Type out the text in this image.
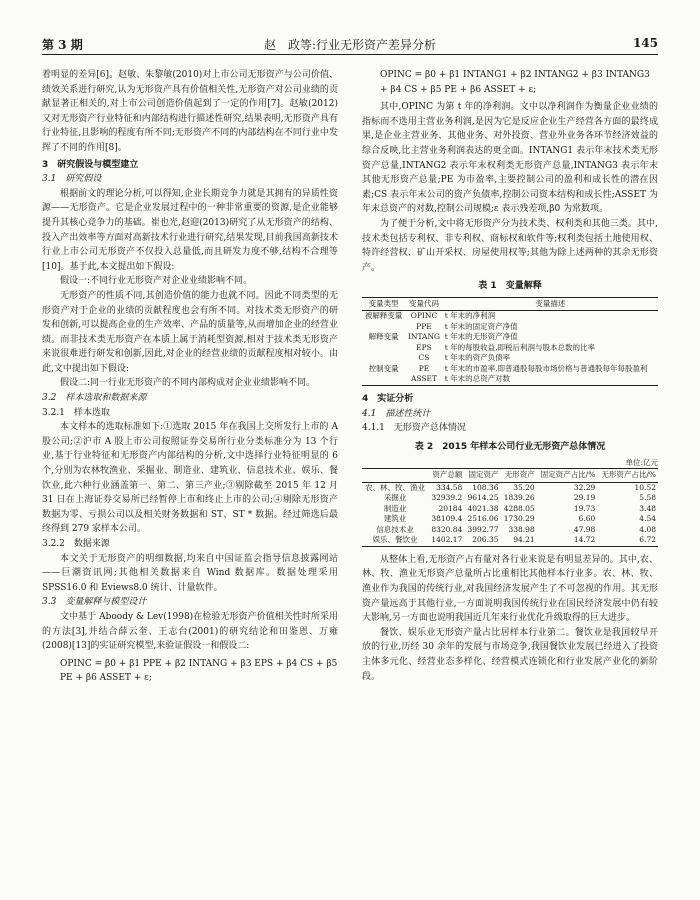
第 3 期	赵　政等:行业无形资产差异分析	145

着明显的差异[6]。赵敏、朱黎敏(2010)对上市公司无形资产与公司价值、绩效关系进行研究,认为无形资产具有价值相关性,无形资产对公司业绩的贡献显著正相关的,对上市公司创造价值起到了一定的作用[7]。赵敏(2012)又对无形资产行业特征和内部结构进行描述性研究,结果表明,无形资产具有行业特征,且影响的程度有所不同;无形资产不同的内部结构在不同行业中发挥了不同的作用[8]。

3　研究假设与模型建立

3.1　研究假设

根据前文的理论分析,可以得知,企业长期竞争力就是其拥有的异质性资源——无形资产。它是企业发展过程中的一种非常重要的资源,是企业能够提升其核心竞争力的基础。崔也光,赵迎(2013)研究了从无形资产的结构、投入产出效率等方面对高新技术行业进行研究,结果发现,目前我国高新技术行业上市公司无形资产不仅投入总量低,而且研发力度不够,结构不合理等[10]。基于此,本文提出如下假设:

假设一:不同行业无形资产对企业业绩影响不同。

无形资产的性质不同,其创造价值的能力也就不同。因此不同类型的无形资产对于企业的业绩的贡献程度也会有所不同。对技术类无形资产的研发和创新,可以提高企业的生产效率、产品的质量等,从而增加企业的经营业绩。而非技术类无形资产在本质上属于消耗型资源,相对于技术类无形资产来说很难进行研发和创新,因此,对企业的经营业绩的贡献程度相对较小。由此,文中提出如下假设:

假设二:同一行业无形资产的不同内部构成对企业业绩影响不同。

3.2　样本选取和数据来源

3.2.1　样本选取

本文样本的选取标准如下:①选取 2015 年在我国上交所发行上市的 A 股公司;②沪市 A 股上市公司按照证券交易所行业分类标准分为 13 个行业,基于行业特征和无形资产内部结构的分析,文中选择行业特征明显的 6 个,分别为农林牧渔业、采掘业、制造业、建筑业、信息技术业、娱乐、餐饮业,此六种行业涵盖第一、第二、第三产业;③剔除截至 2015 年 12 月 31 日在上海证券交易所已经暂停上市和终止上市的公司;④剔除无形资产数据为零、亏损公司以及相关财务数据和 ST、ST * 数据。经过筛选后最终得到 279 家样本公司。

3.2.2　数据来源

本文关于无形资产的明细数据,均来自中国证监会指导信息披露网站——巨潮资讯网;其他相关数据来自 Wind 数据库。数据处理采用 SPSS16.0 和 Eviews8.0 统计、计量软件。

3.3　变量解释与模型设计

文中基于 Aboody & Lev(1998)在检验无形资产价值相关性时所采用的方法[3],并结合薛云奎、王志台(2001)的研究结论和田鉴恩、万雍(2008)[13]的实证研究模型,来验证假设一和假设二:

OPINC = β0 + β1 PPE + β2 INTANG + β3 EPS + β4 CS + β5 PE + β6 ASSET + ε;

OPINC = β0 + β1 INTANG1 + β2 INTANG2 + β3 INTANG3 + β4 CS + β5 PE + β6 ASSET + ε;

其中,OPINC 为第 t 年的净利润。文中以净利润作为衡量企业业绩的指标而不选用主营业务利润,是因为它是反应企业生产经营各方面的最终成果,是企业主营业务、其他业务、对外投资、营业外业务各环节经济效益的综合反映,比主营业务利润表达的更全面。INTANG1 表示年末技术类无形资产总量,INTANG2 表示年末权利类无形资产总量,INTANG3 表示年末其他无形资产总量;PE 为市盈率,主要控制公司的盈利和成长性的潜在因素;CS 表示年末公司的资产负债率,控制公司资本结构和成长性;ASSET 为年末总资产的对数,控制公司规模;ε 表示残差项,β0 为常数项。

为了便于分析,文中将无形资产分为技术类、权利类和其他三类。其中,技术类包括专利权、非专利权、商标权和软件等;权利类包括土地使用权、特许经营权、矿山开采权、房屋使用权等;其他为除上述两种的其余无形资产。

表 1　变量解释
变量类型	变量代码	变量描述
被解释变量	OPINC	t 年末的净利润
	PPE	t 年末的固定资产净值
解释变量	INTANG	t 年末的无形资产净值
	EPS	t 年的每股收益,即税后利润与股本总数的比率
	CS	t 年末的资产负债率
控制变量	PE	t 年末的市盈率,即普通股每股市场价格与普通股每年每股盈利
	ASSET	t 年末的总资产对数

4　实证分析

4.1　描述性统计

4.1.1　无形资产总体情况

表 2　2015 年样本公司行业无形资产总体情况
单位:亿元
	资产总额	固定资产	无形资产	固定资产占比/%	无形资产占比/%
农、林、牧、渔业	334.58	108.36	35.20	32.29	10.52
采掘业	32939.2	9614.25	1839.26	29.19	5.58
制造业	20184	4021.38	4288.05	19.73	3.48
建筑业	38109.4	2516.06	1730.29	6.60	4.54
信息技术业	8320.84	3992.77	338.98	47.98	4.08
娱乐、餐饮业	1402.17	206.35	94.21	14.72	6.72

从整体上看,无形资产占有量对各行业来说是有明显差异的。其中,农、林、牧、渔业无形资产总量所占比重相比其他样本行业多。农、林、牧、渔业作为我国的传统行业,对我国经济发展产生了不可忽视的作用。其无形资产量远高于其他行业,一方面说明我国传统行业在国民经济发展中仍有较大影响,另一方面也说明我国近几年来行业优化升级取得的巨大进步。

餐饮、娱乐业无形资产量占比居样本行业第二。餐饮业是我国较早开放的行业,历经 30 余年的发展与市场竞争,我国餐饮业发展已经进入了投资主体多元化、经营业态多样化、经营模式连锁化和行业发展产业化的新阶段。
